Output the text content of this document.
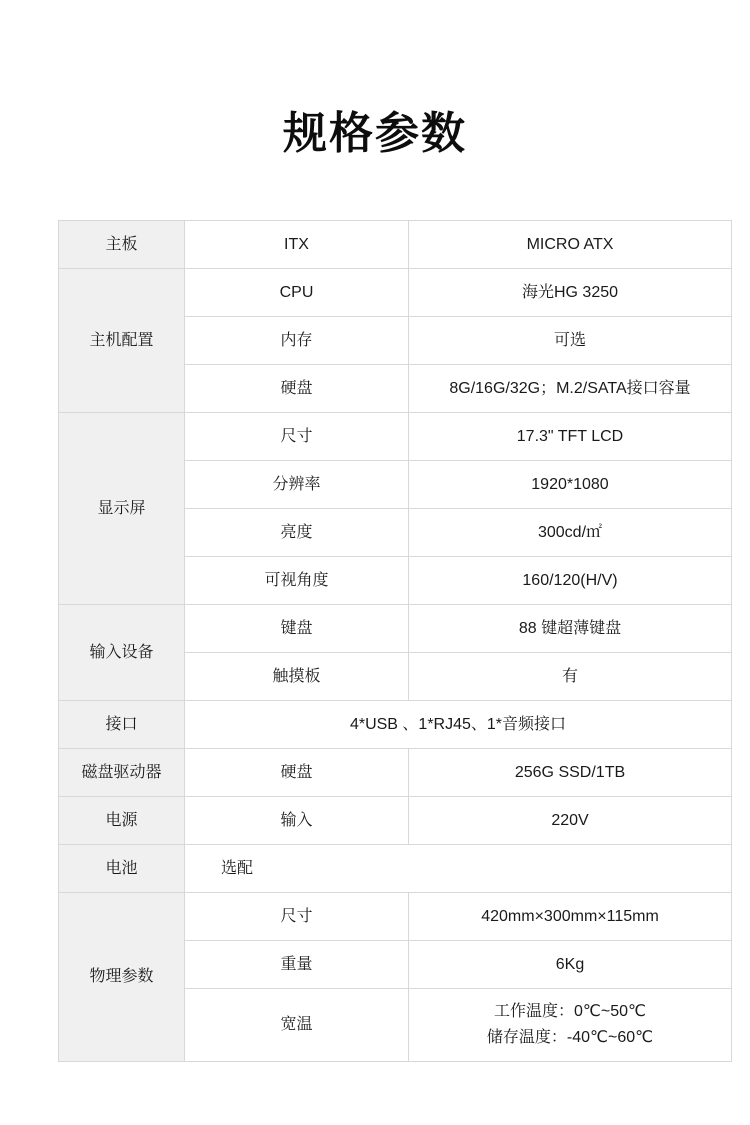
规格参数
主板	ITX	MICRO ATX
主机配置	CPU	海光HG 3250
	内存	可选
	硬盘	8G/16G/32G；M.2/SATA接口容量
显示屏	尺寸	17.3" TFT LCD
	分辨率	1920*1080
	亮度	300cd/㎡
	可视角度	160/120(H/V)
输入设备	键盘	88 键超薄键盘
	触摸板	有
接口	4*USB 、1*RJ45、1*音频接口	
磁盘驱动器	硬盘	256G SSD/1TB
电源	输入	220V
电池	选配	
物理参数	尺寸	420mm×300mm×115mm
	重量	6Kg
	宽温	工作温度：0℃~50℃
储存温度：-40℃~60℃
